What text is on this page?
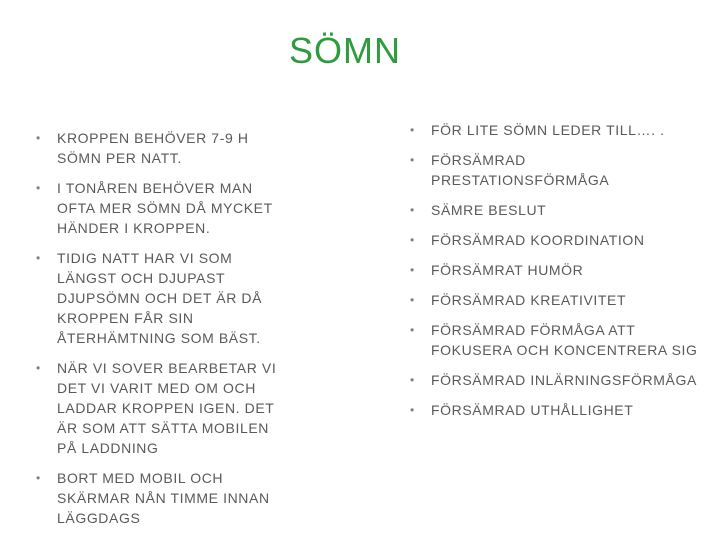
SÖMN
• KROPPEN BEHÖVER 7-9 H SÖMN PER NATT.
• I TONÅREN BEHÖVER MAN OFTA MER SÖMN DÅ MYCKET HÄNDER I KROPPEN.
• TIDIG NATT HAR VI SOM LÄNGST OCH DJUPAST DJUPSÖMN OCH DET ÄR DÅ KROPPEN FÅR SIN ÅTERHÄMTNING SOM BÄST.
• NÄR VI SOVER BEARBETAR VI DET VI VARIT MED OM OCH LADDAR KROPPEN IGEN. DET ÄR SOM ATT SÄTTA MOBILEN PÅ LADDNING
• BORT MED MOBIL OCH SKÄRMAR NÅN TIMME INNAN LÄGGDAGS
• FÖR LITE SÖMN LEDER TILL…. .
• FÖRSÄMRAD PRESTATIONSFÖRMÅGA
• SÄMRE BESLUT
• FÖRSÄMRAD KOORDINATION
• FÖRSÄMRAT HUMÖR
• FÖRSÄMRAD KREATIVITET
• FÖRSÄMRAD FÖRMÅGA ATT FOKUSERA OCH KONCENTRERA SIG
• FÖRSÄMRAD INLÄRNINGSFÖRMÅGA
• FÖRSÄMRAD UTHÅLLIGHET
